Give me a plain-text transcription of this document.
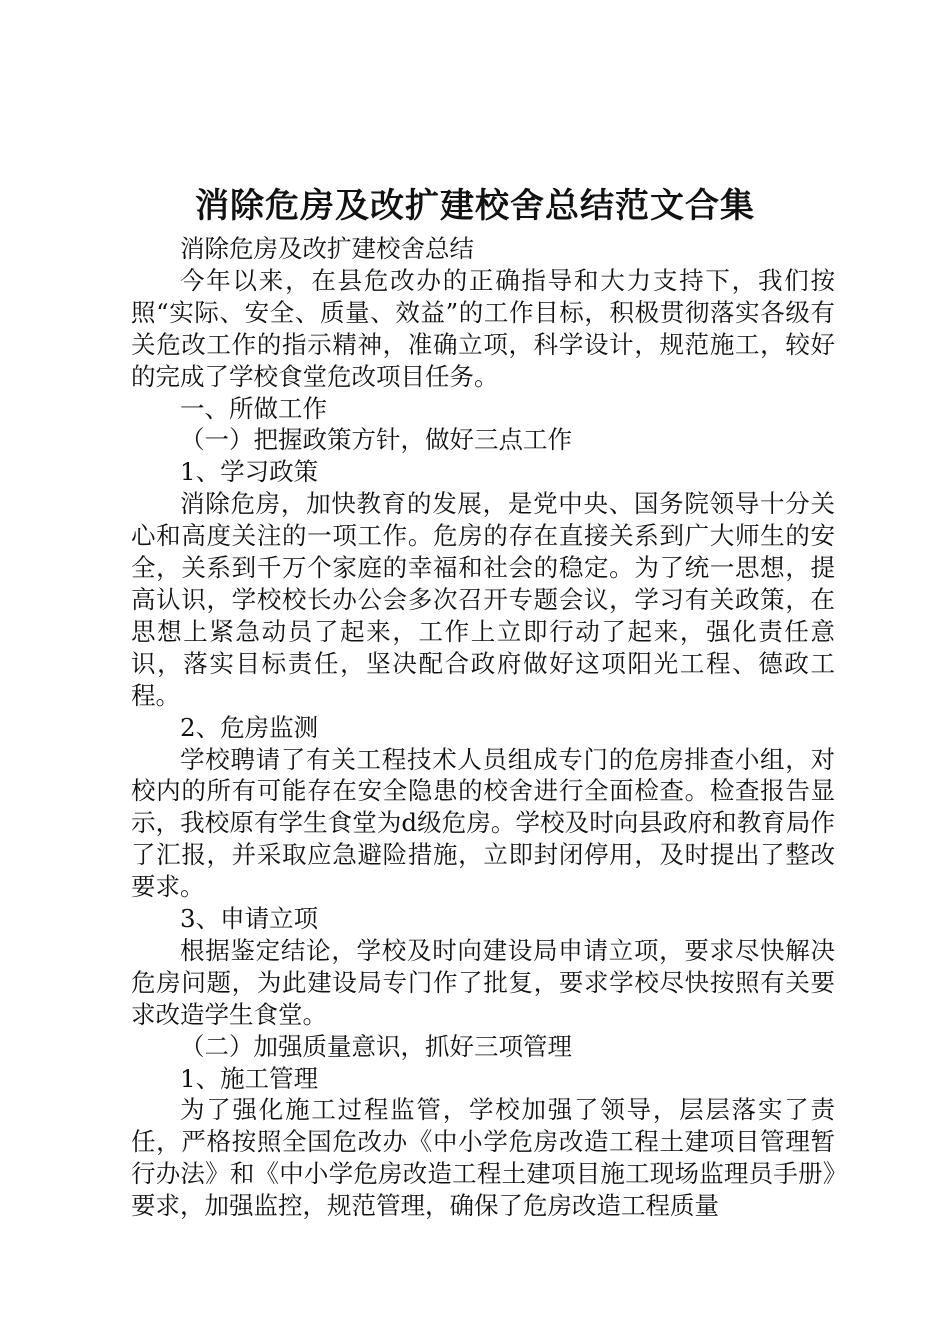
消除危房及改扩建校舍总结范文合集

消除危房及改扩建校舍总结

今年以来，在县危改办的正确指导和大力支持下，我们按照“实际、安全、质量、效益”的工作目标，积极贯彻落实各级有关危改工作的指示精神，准确立项，科学设计，规范施工，较好的完成了学校食堂危改项目任务。

一、所做工作

（一）把握政策方针，做好三点工作

1、学习政策

消除危房，加快教育的发展，是党中央、国务院领导十分关心和高度关注的一项工作。危房的存在直接关系到广大师生的安全，关系到千万个家庭的幸福和社会的稳定。为了统一思想，提高认识，学校校长办公会多次召开专题会议，学习有关政策，在思想上紧急动员了起来，工作上立即行动了起来，强化责任意识，落实目标责任，坚决配合政府做好这项阳光工程、德政工程。

2、危房监测

学校聘请了有关工程技术人员组成专门的危房排查小组，对校内的所有可能存在安全隐患的校舍进行全面检查。检查报告显示，我校原有学生食堂为d级危房。学校及时向县政府和教育局作了汇报，并采取应急避险措施，立即封闭停用，及时提出了整改要求。

3、申请立项

根据鉴定结论，学校及时向建设局申请立项，要求尽快解决危房问题，为此建设局专门作了批复，要求学校尽快按照有关要求改造学生食堂。

（二）加强质量意识，抓好三项管理

1、施工管理

为了强化施工过程监管，学校加强了领导，层层落实了责任，严格按照全国危改办《中小学危房改造工程土建项目管理暂行办法》和《中小学危房改造工程土建项目施工现场监理员手册》要求，加强监控，规范管理，确保了危房改造工程质量
